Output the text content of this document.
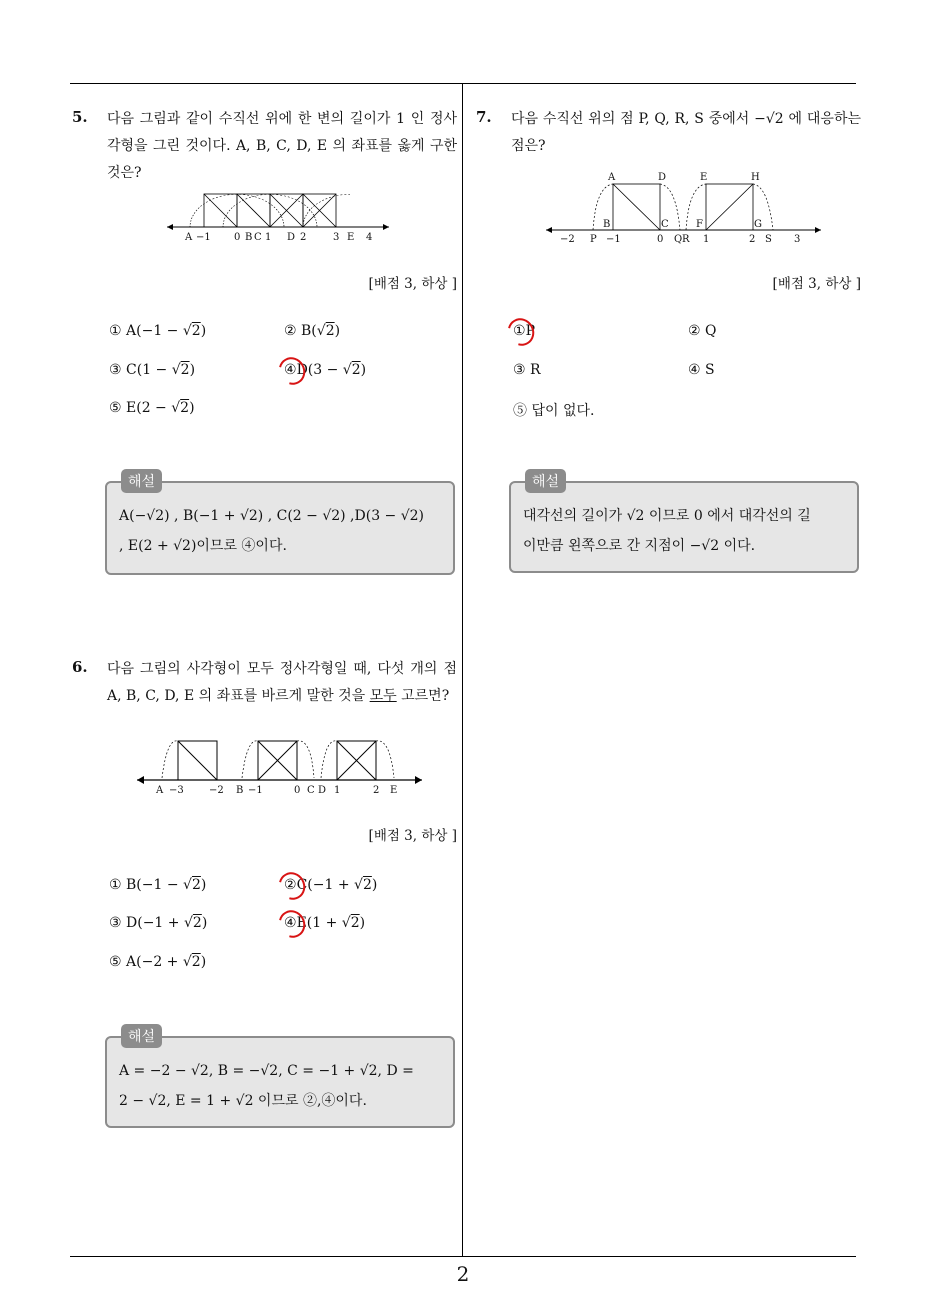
5. 다음 그림과 같이 수직선 위에 한 변의 길이가 1 인 정사각형을 그린 것이다. A, B, C, D, E 의 좌표를 옳게 구한 것은?
A −1 0 B C 1 D 2	3 E 4
[배점 3, 하상 ]
① A(−1 − √2)	② B(√2)
③ C(1 − √2)	④
D(3 − √2)
⑤ E(2 − √2)
해설
A(−√2) , B(−1 + √2) , C(2 − √2) ,D(3 − √2)
, E(2 + √2)이므로 ④이다.
6. 다음 그림의 사각형이 모두 정사각형일 때, 다섯 개의 점 A, B, C, D, E 의 좌표를 바르게 말한 것을 모두 고르면?
A −3	−2 B −1	0 C D 1	2 E
[배점 3, 하상 ]
① B(−1 − √2)	②
C(−1 + √2)
③ D(−1 + √2)	④
E(1 + √2)
⑤ A(−2 + √2)
해설
A = −2 − √2, B = −√2, C = −1 + √2, D =
2 − √2, E = 1 + √2 이므로 ②,④이다.
7. 다음 수직선 위의 점 P, Q, R, S 중에서 −√2 에 대응하는 점은?
A	D	E	H
B	C	F	G
−2 P −1	0 Q R 1	2 S 3
[배점 3, 하상 ]
①
P	② Q
③ R	④ S
⑤ 답이 없다.
해설
대각선의 길이가 √2 이므로 0 에서 대각선의 길
이만큼 왼쪽으로 간 지점이 −√2 이다.
2
